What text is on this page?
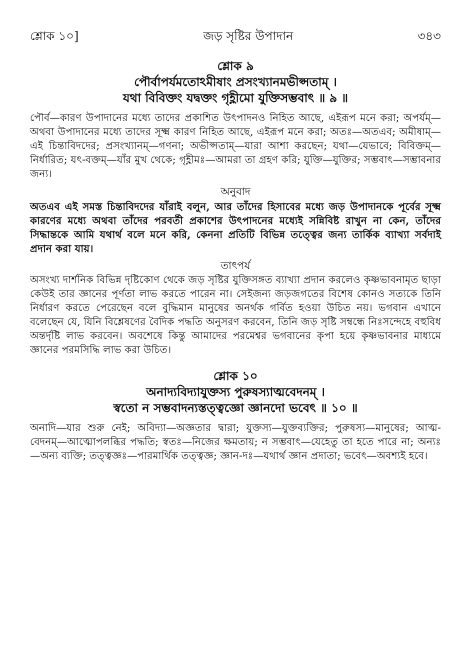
শ্লোক ১০]	জড় সৃষ্টির উপাদান	৩৪৩
শ্লোক ৯
পৌর্বাপর্যমতোঽমীষাং প্রসংখ্যানমভীপ্সতাম্ ।
যথা বিবিক্তং যদ্বক্তং গৃহ্ণীমো যুক্তিসম্ভবাৎ ॥ ৯ ॥

পৌর্ব—কারণ উপাদানের মধ্যে তাদের প্রকাশিত উৎপাদনও নিহিত আছে, এইরূপ মনে করা; অপর্যম্—অথবা উপাদানের মধ্যে তাদের সূক্ষ্ম কারণ নিহিত আছে, এইরূপ মনে করা; অতঃ—অতএব; অমীষাম্—এই চিন্তাবিদদের; প্রসংখ্যানম্—গণনা; অভীপ্সতাম্—যারা আশা করছেন; যথা—যেভাবে; বিবিক্তম্—নির্ধারিত; যৎ-বক্তম্—যাঁর মুখ থেকে; গৃহ্ণীমঃ—আমরা তা গ্রহণ করি; যুক্তি—যুক্তির; সম্ভবাৎ—সম্ভাবনার জন্য।

অনুবাদ

অতএব এই সমস্ত চিন্তাবিদদের যাঁরাই বলুন, আর তাঁদের হিসাবের মধ্যে জড় উপাদানকে পূর্বের সূক্ষ্ম কারণের মধ্যে অথবা তাঁদের পরবর্তী প্রকাশের উৎপাদনের মধ্যেই সন্নিবিষ্ট রাখুন না কেন, তাঁদের সিদ্ধান্তকে আমি যথার্থ বলে মনে করি, কেননা প্রতিটি বিভিন্ন তত্ত্বের জন্য তার্কিক ব্যাখ্যা সর্বদাই প্রদান করা যায়।

তাৎপর্য

অসংখ্য দার্শনিক বিভিন্ন দৃষ্টিকোণ থেকে জড় সৃষ্টির যুক্তিসঙ্গত ব্যাখ্যা প্রদান করলেও কৃষ্ণভাবনামৃত ছাড়া কেউই তার জ্ঞানের পূর্ণতা লাভ করতে পারেন না। সেইজন্য জড়জগতের বিশেষ কোনও সত্যকে তিনি নির্ধারণ করতে পেরেছেন বলে বুদ্ধিমান মানুষের অনর্থক গর্বিত হওয়া উচিত নয়। ভগবান এখানে বলেছেন যে, যিনি বিশ্লেষণের বৈদিক পদ্ধতি অনুসরণ করবেন, তিনি জড় সৃষ্টি সম্বন্ধে নিঃসন্দেহে বহুবিধ অন্তর্দৃষ্টি লাভ করবেন। অবশেষে কিন্তু আমাদের পরমেশ্বর ভগবানের কৃপা হয়ে কৃষ্ণভাবনার মাধ্যমে জ্ঞানের পরমসিদ্ধি লাভ করা উচিত।

শ্লোক ১০
অনাদ্যবিদ্যাযুক্তস্য পুরুষস্যাত্মবেদনম্ ।
স্বতো ন সম্ভবাদন্যস্তত্ত্বজ্ঞো জ্ঞানদো ভবেৎ ॥ ১০ ॥

অনাদি—যার শুরু নেই; অবিদ্যা—অজ্ঞতার দ্বারা; যুক্তস্য—যুক্তব্যক্তির; পুরুষস্য—মানুষের; আত্ম-বেদনম্—আত্মোপলব্ধির পদ্ধতি; স্বতঃ—নিজের ক্ষমতায়; ন সম্ভবাৎ—যেহেতু তা হতে পারে না; অন্যঃ—অন্য ব্যক্তি; তত্ত্বজ্ঞঃ—পারমার্থিক তত্ত্বজ্ঞ; জ্ঞান-দঃ—যথার্থ জ্ঞান প্রদাতা; ভবেৎ—অবশ্যই হবে।
